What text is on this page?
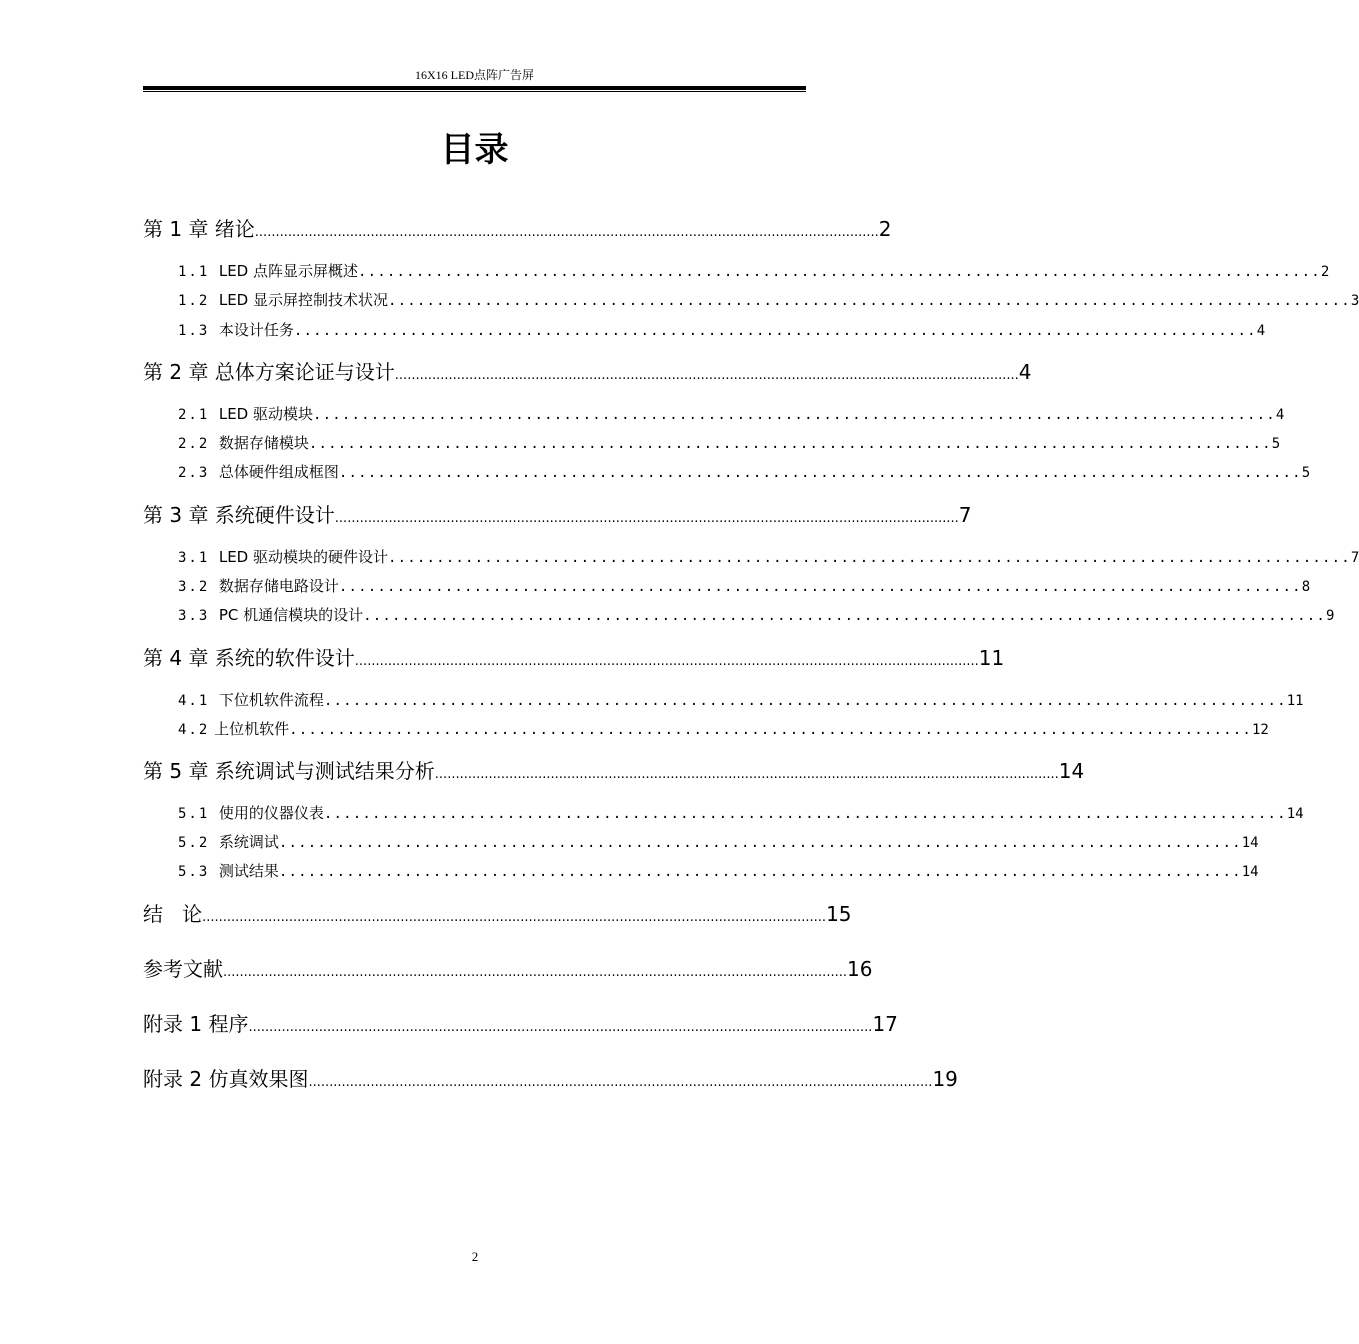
16X16 LED点阵广告屏
目录
第 1 章 绪论 ....................................................................................................................................................... 2
1.1 LED 点阵显示屏概述 .................................................................................................... 2
1.2 LED 显示屏控制技术状况 .................................................................................................... 3
1.3 本设计任务 .................................................................................................... 4
第 2 章 总体方案论证与设计 ....................................................................................................................................................... 4
2.1 LED 驱动模块 .................................................................................................... 4
2.2 数据存储模块 .................................................................................................... 5
2.3 总体硬件组成框图 .................................................................................................... 5
第 3 章 系统硬件设计 ....................................................................................................................................................... 7
3.1 LED 驱动模块的硬件设计 .................................................................................................... 7
3.2 数据存储电路设计 .................................................................................................... 8
3.3 PC 机通信模块的设计 .................................................................................................... 9
第 4 章 系统的软件设计 ....................................................................................................................................................... 11
4.1 下位机软件流程 .................................................................................................... 11
4.2 上位机软件 .................................................................................................... 12
第 5 章 系统调试与测试结果分析 ....................................................................................................................................................... 14
5.1 使用的仪器仪表 .................................................................................................... 14
5.2 系统调试 .................................................................................................... 14
5.3 测试结果 .................................................................................................... 14
结   论 ....................................................................................................................................................... 15
参考文献 ....................................................................................................................................................... 16
附录 1 程序 ....................................................................................................................................................... 17
附录 2 仿真效果图 ....................................................................................................................................................... 19
2
